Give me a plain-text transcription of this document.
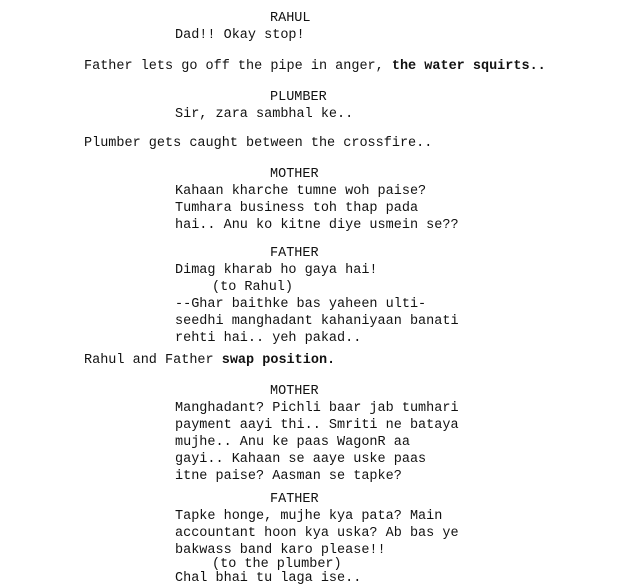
RAHUL
Dad!! Okay stop!
Father lets go off the pipe in anger, the water squirts..
PLUMBER
Sir, zara sambhal ke..
Plumber gets caught between the crossfire..
MOTHER
Kahaan kharche tumne woh paise?
Tumhara business toh thap pada
hai.. Anu ko kitne diye usmein se??
FATHER
Dimag kharab ho gaya hai!
(to Rahul)
--Ghar baithke bas yaheen ulti-
seedhi manghadant kahaniyaan banati
rehti hai.. yeh pakad..
Rahul and Father swap position.
MOTHER
Manghadant? Pichli baar jab tumhari
payment aayi thi.. Smriti ne bataya
mujhe.. Anu ke paas WagonR aa
gayi.. Kahaan se aaye uske paas
itne paise? Aasman se tapke?
FATHER
Tapke honge, mujhe kya pata? Main
accountant hoon kya uska? Ab bas ye
bakwass band karo please!!
(to the plumber)
Chal bhai tu laga ise..
